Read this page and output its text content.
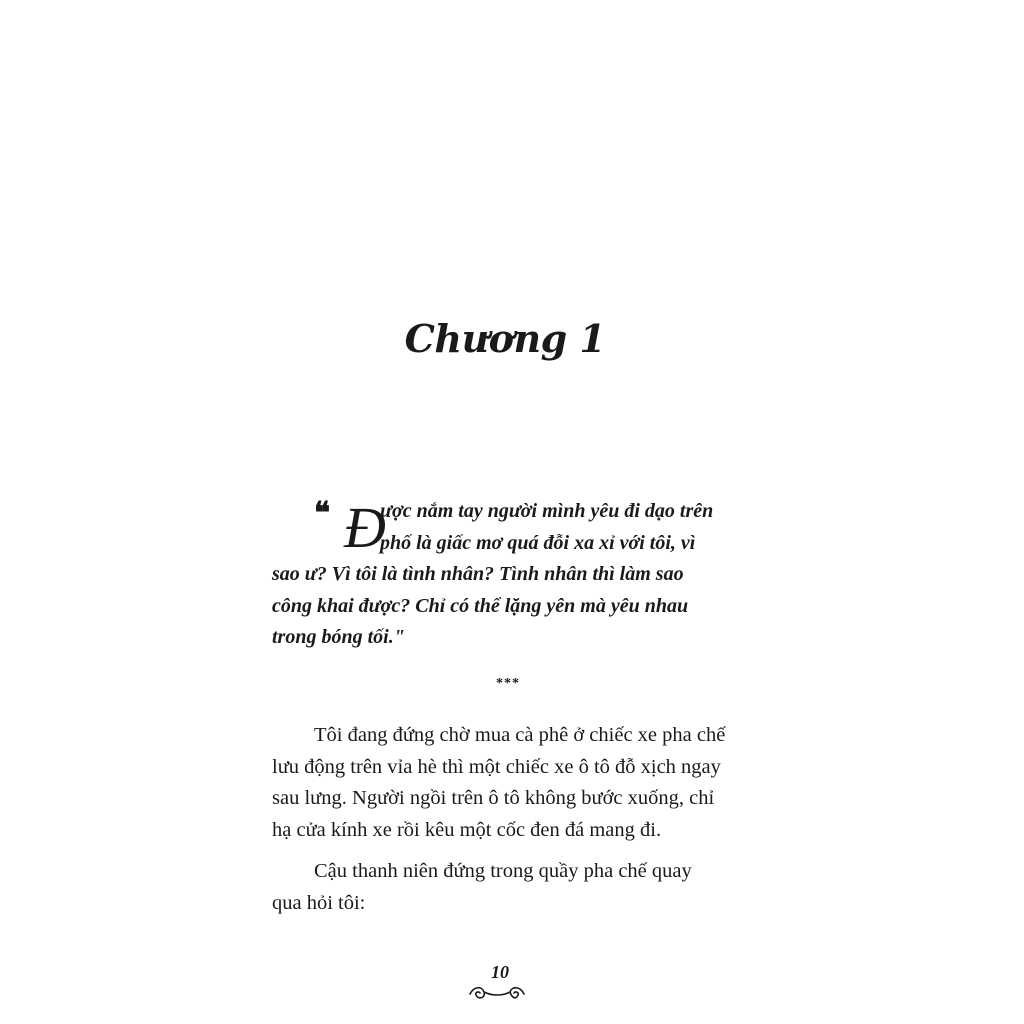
Chương 1
❝ Đ
ược nắm tay người mình yêu đi dạo trên
phố là giấc mơ quá đỗi xa xỉ với tôi, vì
sao ư? Vì tôi là tình nhân? Tình nhân thì làm sao
công khai được? Chỉ có thể lặng yên mà yêu nhau
trong bóng tối."
***
Tôi đang đứng chờ mua cà phê ở chiếc xe pha chế
lưu động trên vỉa hè thì một chiếc xe ô tô đỗ xịch ngay
sau lưng. Người ngồi trên ô tô không bước xuống, chỉ
hạ cửa kính xe rồi kêu một cốc đen đá mang đi.
Cậu thanh niên đứng trong quầy pha chế quay
qua hỏi tôi:
10
